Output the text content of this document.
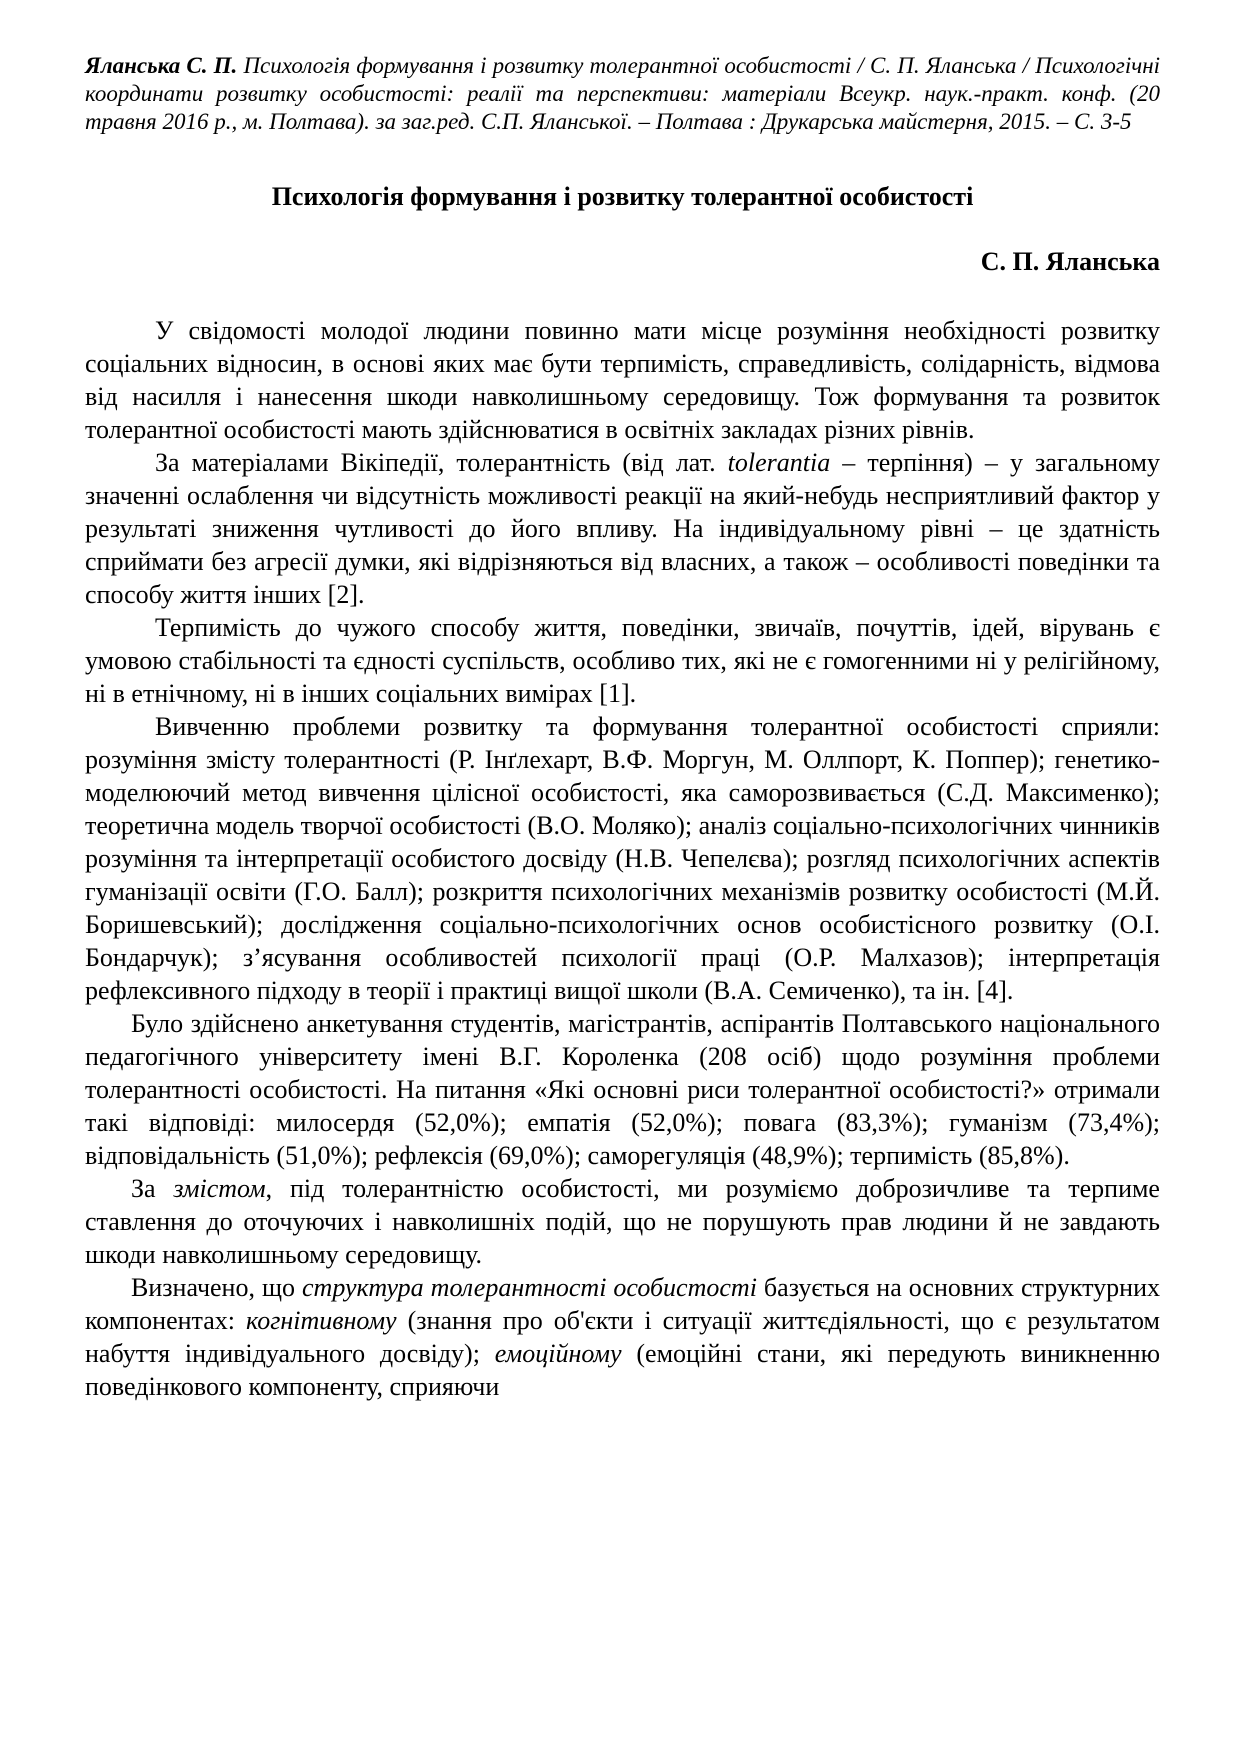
Яланська С. П. Психологія формування і розвитку толерантної особистості / С. П. Яланська / Психологічні координати розвитку особистості: реалії та перспективи: матеріали Всеукр. наук.-практ. конф. (20 травня 2016 р., м. Полтава). за заг.ред. С.П. Яланської. – Полтава : Друкарська майстерня, 2015. – С. 3-5

Психологія формування і розвитку толерантної особистості

С. П. Яланська

У свідомості молодої людини повинно мати місце розуміння необхідності розвитку соціальних відносин, в основі яких має бути терпимість, справедливість, солідарність, відмова від насилля і нанесення шкоди навколишньому середовищу. Тож формування та розвиток толерантної особистості мають здійснюватися в освітніх закладах різних рівнів.

За матеріалами Вікіпедії, толерантність (від лат. tolerantia – терпіння) – у загальному значенні ослаблення чи відсутність можливості реакції на який-небудь несприятливий фактор у результаті зниження чутливості до його впливу. На індивідуальному рівні – це здатність сприймати без агресії думки, які відрізняються від власних, а також – особливості поведінки та способу життя інших [2].

Терпимість до чужого способу життя, поведінки, звичаїв, почуттів, ідей, вірувань є умовою стабільності та єдності суспільств, особливо тих, які не є гомогенними ні у релігійному, ні в етнічному, ні в інших соціальних вимірах [1].

Вивченню проблеми розвитку та формування толерантної особистості сприяли: розуміння змісту толерантності (Р. Інґлехарт, В.Ф. Моргун, М. Оллпорт, К. Поппер); генетико-моделюючий метод вивчення цілісної особистості, яка саморозвивається (С.Д. Максименко); теоретична модель творчої особистості (В.О. Моляко); аналіз соціально-психологічних чинників розуміння та інтерпретації особистого досвіду (Н.В. Чепелєва); розгляд психологічних аспектів гуманізації освіти (Г.О. Балл); розкриття психологічних механізмів розвитку особистості (М.Й. Боришевський); дослідження соціально-психологічних основ особистісного розвитку (О.І. Бондарчук); з’ясування особливостей психології праці (О.Р. Малхазов); інтерпретація рефлексивного підходу в теорії і практиці вищої школи (В.А. Семиченко), та ін. [4].

Було здійснено анкетування студентів, магістрантів, аспірантів Полтавського національного педагогічного університету імені В.Г. Короленка (208 осіб) щодо розуміння проблеми толерантності особистості. На питання «Які основні риси толерантної особистості?» отримали такі відповіді: милосердя (52,0%); емпатія (52,0%); повага (83,3%); гуманізм (73,4%); відповідальність (51,0%); рефлексія (69,0%); саморегуляція (48,9%); терпимість (85,8%).

За змістом, під толерантністю особистості, ми розуміємо доброзичливе та терпиме ставлення до оточуючих і навколишніх подій, що не порушують прав людини й не завдають шкоди навколишньому середовищу.

Визначено, що структура толерантності особистості базується на основних структурних компонентах: когнітивному (знання про об'єкти і ситуації життєдіяльності, що є результатом набуття індивідуального досвіду); емоційному (емоційні стани, які передують виникненню поведінкового компоненту, сприяючи
